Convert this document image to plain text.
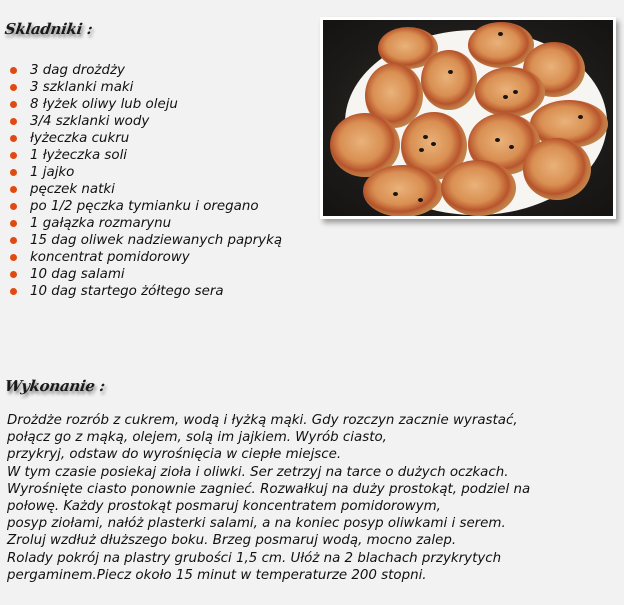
Skladniki :
3 dag drożdży
3 szklanki maki
8 łyżek oliwy lub oleju
3/4 szklanki wody
łyżeczka cukru
1 łyżeczka soli
1 jajko
pęczek natki
po 1/2 pęczka tymianku i oregano
1 gałązka rozmarynu
15 dag oliwek nadziewanych papryką
koncentrat pomidorowy
10 dag salami
10 dag startego żółtego sera
Wykonanie :
Drożdże rozrób z cukrem, wodą i łyżką mąki. Gdy rozczyn zacznie wyrastać,
połącz go z mąką, olejem, solą im jajkiem. Wyrób ciasto,
przykryj, odstaw do wyrośnięcia w ciepłe miejsce.
W tym czasie posiekaj zioła i oliwki. Ser zetrzyj na tarce o dużych oczkach.
Wyrośnięte ciasto ponownie zagnieć. Rozwałkuj na duży prostokąt, podziel na
połowę. Każdy prostokąt posmaruj koncentratem pomidorowym,
posyp ziołami, nałóż plasterki salami, a na koniec posyp oliwkami i serem.
Zroluj wzdłuż dłuższego boku. Brzeg posmaruj wodą, mocno zalep.
Rolady pokrój na plastry grubości 1,5 cm. Ułóż na 2 blachach przykrytych
pergaminem.Piecz około 15 minut w temperaturze 200 stopni.
